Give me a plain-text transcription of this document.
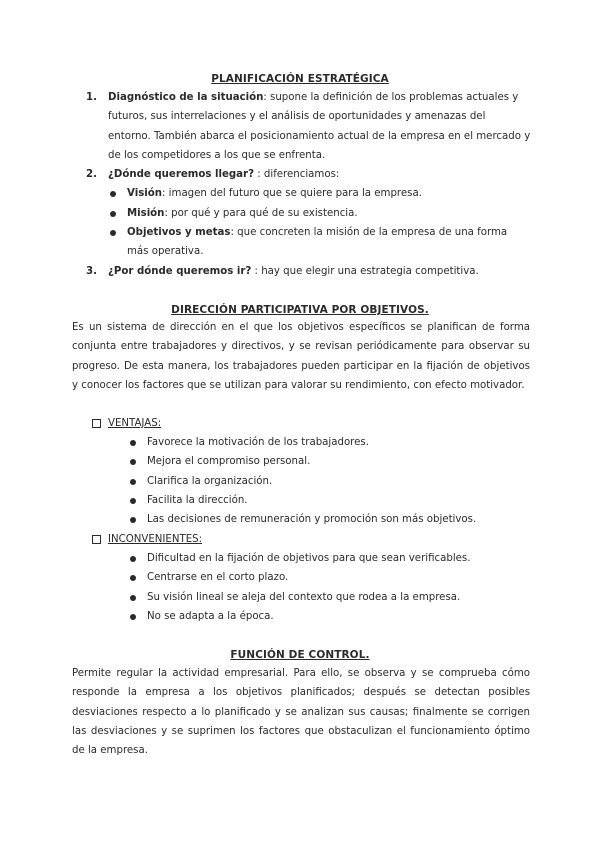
PLANIFICACIÓN ESTRATÉGICA

1. Diagnóstico de la situación: supone la definición de los problemas actuales y futuros, sus interrelaciones y el análisis de oportunidades y amenazas del entorno. También abarca el posicionamiento actual de la empresa en el mercado y de los competidores a los que se enfrenta.
2. ¿Dónde queremos llegar? : diferenciamos:
Visión: imagen del futuro que se quiere para la empresa.
Misión: por qué y para qué de su existencia.
Objetivos y metas: que concreten la misión de la empresa de una forma más operativa.
3. ¿Por dónde queremos ir? : hay que elegir una estrategia competitiva.

DIRECCIÓN PARTICIPATIVA POR OBJETIVOS.

Es un sistema de dirección en el que los objetivos específicos se planifican de forma conjunta entre trabajadores y directivos, y se revisan periódicamente para observar su progreso. De esta manera, los trabajadores pueden participar en la fijación de objetivos y conocer los factores que se utilizan para valorar su rendimiento, con efecto motivador.

VENTAJAS:
Favorece la motivación de los trabajadores.
Mejora el compromiso personal.
Clarifica la organización.
Facilita la dirección.
Las decisiones de remuneración y promoción son más objetivos.
INCONVENIENTES:
Dificultad en la fijación de objetivos para que sean verificables.
Centrarse en el corto plazo.
Su visión lineal se aleja del contexto que rodea a la empresa.
No se adapta a la época.

FUNCIÓN DE CONTROL.

Permite regular la actividad empresarial. Para ello, se observa y se comprueba cómo responde la empresa a los objetivos planificados; después se detectan posibles desviaciones respecto a lo planificado y se analizan sus causas; finalmente se corrigen las desviaciones y se suprimen los factores que obstaculizan el funcionamiento óptimo de la empresa.
